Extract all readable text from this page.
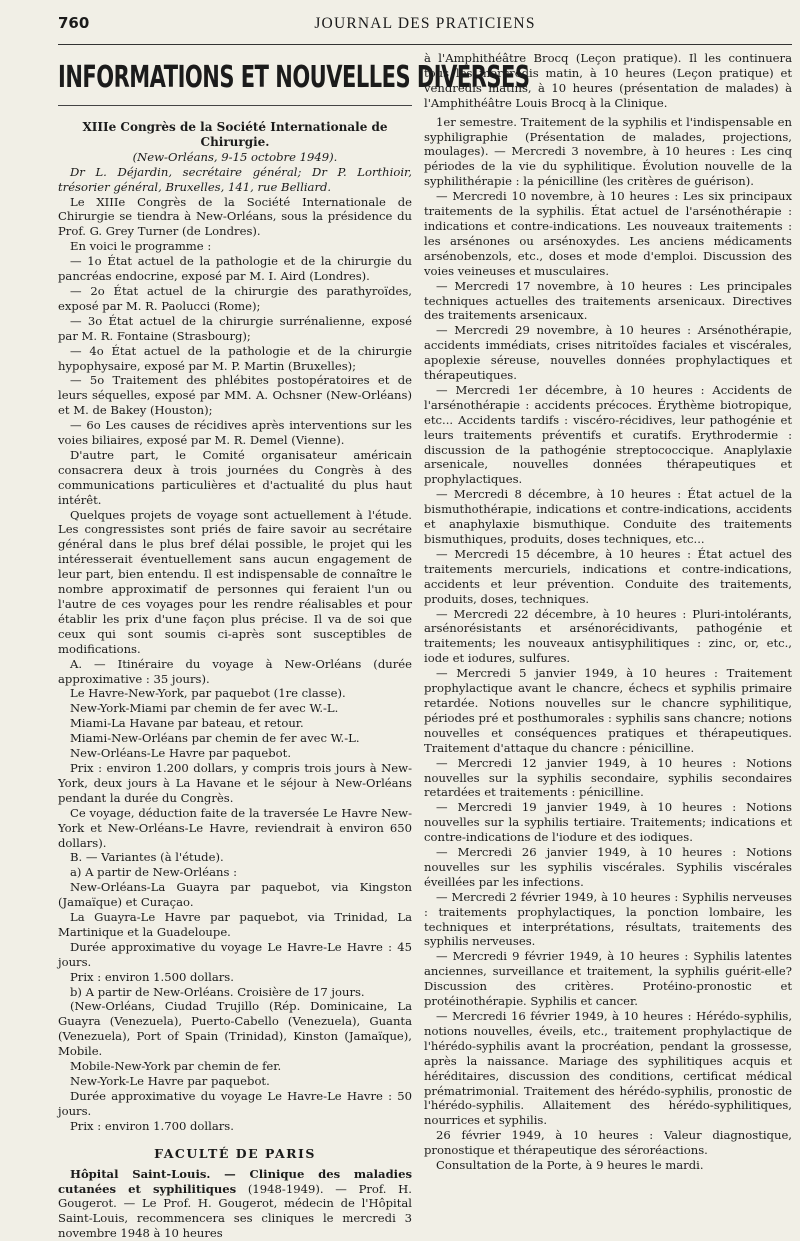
760	JOURNAL DES PRATICIENS
INFORMATIONS ET NOUVELLES DIVERSES

XIIIe Congrès de la Société Internationale de Chirurgie.

(New-Orléans, 9-15 octobre 1949).

Dr L. Déjardin, secrétaire général; Dr P. Lorthioir, trésorier général, Bruxelles, 141, rue Belliard.

Le XIIIe Congrès de la Société Internationale de Chirurgie se tiendra à New-Orléans, sous la présidence du Prof. G. Grey Turner (de Londres).

En voici le programme :

— 1o État actuel de la pathologie et de la chirurgie du pancréas endocrine, exposé par M. I. Aird (Londres).

— 2o État actuel de la chirurgie des parathyroïdes, exposé par M. R. Paolucci (Rome);

— 3o État actuel de la chirurgie surrénalienne, exposé par M. R. Fontaine (Strasbourg);

— 4o État actuel de la pathologie et de la chirurgie hypophysaire, exposé par M. P. Martin (Bruxelles);

— 5o Traitement des phlébites postopératoires et de leurs séquelles, exposé par MM. A. Ochsner (New-Orléans) et M. de Bakey (Houston);

— 6o Les causes de récidives après interventions sur les voies biliaires, exposé par M. R. Demel (Vienne).

D'autre part, le Comité organisateur américain consacrera deux à trois journées du Congrès à des communications particulières et d'actualité du plus haut intérêt.

Quelques projets de voyage sont actuellement à l'étude. Les congressistes sont priés de faire savoir au secrétaire général dans le plus bref délai possible, le projet qui les intéresserait éventuellement sans aucun engagement de leur part, bien entendu. Il est indispensable de connaître le nombre approximatif de personnes qui feraient l'un ou l'autre de ces voyages pour les rendre réalisables et pour établir les prix d'une façon plus précise. Il va de soi que ceux qui sont soumis ci-après sont susceptibles de modifications.

A. — Itinéraire du voyage à New-Orléans (durée approximative : 35 jours).

Le Havre-New-York, par paquebot (1re classe).

New-York-Miami par chemin de fer avec W.-L.

Miami-La Havane par bateau, et retour.

Miami-New-Orléans par chemin de fer avec W.-L.

New-Orléans-Le Havre par paquebot.

Prix : environ 1.200 dollars, y compris trois jours à New-York, deux jours à La Havane et le séjour à New-Orléans pendant la durée du Congrès.

Ce voyage, déduction faite de la traversée Le Havre New-York et New-Orléans-Le Havre, reviendrait à environ 650 dollars).

B. — Variantes (à l'étude).

a) A partir de New-Orléans :

New-Orléans-La Guayra par paquebot, via Kingston (Jamaïque) et Curaçao.

La Guayra-Le Havre par paquebot, via Trinidad, La Martinique et la Guadeloupe.

Durée approximative du voyage Le Havre-Le Havre : 45 jours.

Prix : environ 1.500 dollars.

b) A partir de New-Orléans. Croisière de 17 jours.

(New-Orléans, Ciudad Trujillo (Rép. Dominicaine, La Guayra (Venezuela), Puerto-Cabello (Venezuela), Guanta (Venezuela), Port of Spain (Trinidad), Kinston (Jamaïque), Mobile.

Mobile-New-York par chemin de fer.

New-York-Le Havre par paquebot.

Durée approximative du voyage Le Havre-Le Havre : 50 jours.

Prix : environ 1.700 dollars.

FACULTÉ DE PARIS

Hôpital Saint-Louis. — Clinique des maladies cutanées et syphilitiques (1948-1949). — Prof. H. Gougerot. — Le Prof. H. Gougerot, médecin de l'Hôpital Saint-Louis, recommencera ses cliniques le mercredi 3 novembre 1948 à 10 heures

à l'Amphithéâtre Brocq (Leçon pratique). Il les continuera tous les mercredis matin, à 10 heures (Leçon pratique) et vendredis matins, à 10 heures (présentation de malades) à l'Amphithéâtre Louis Brocq à la Clinique.

1er semestre. Traitement de la syphilis et l'indispensable en syphiligraphie (Présentation de malades, projections, moulages). — Mercredi 3 novembre, à 10 heures : Les cinq périodes de la vie du syphilitique. Évolution nouvelle de la syphilithérapie : la pénicilline (les critères de guérison).

— Mercredi 10 novembre, à 10 heures : Les six principaux traitements de la syphilis. État actuel de l'arsénothérapie : indications et contre-indications. Les nouveaux traitements : les arsénones ou arsénoxydes. Les anciens médicaments arsénobenzols, etc., doses et mode d'emploi. Discussion des voies veineuses et musculaires.

— Mercredi 17 novembre, à 10 heures : Les principales techniques actuelles des traitements arsenicaux. Directives des traitements arsenicaux.

— Mercredi 29 novembre, à 10 heures : Arsénothérapie, accidents immédiats, crises nitritoïdes faciales et viscérales, apoplexie séreuse, nouvelles données prophylactiques et thérapeutiques.

— Mercredi 1er décembre, à 10 heures : Accidents de l'arsénothérapie : accidents précoces. Érythème biotropique, etc... Accidents tardifs : viscéro-récidives, leur pathogénie et leurs traitements préventifs et curatifs. Erythrodermie : discussion de la pathogénie streptococcique. Anaplylaxie arsenicale, nouvelles données thérapeutiques et prophylactiques.

— Mercredi 8 décembre, à 10 heures : État actuel de la bismuthothérapie, indications et contre-indications, accidents et anaphylaxie bismuthique. Conduite des traitements bismuthiques, produits, doses techniques, etc...

— Mercredi 15 décembre, à 10 heures : État actuel des traitements mercuriels, indications et contre-indications, accidents et leur prévention. Conduite des traitements, produits, doses, techniques.

— Mercredi 22 décembre, à 10 heures : Pluri-intolérants, arsénorésistants et arsénorécidivants, pathogénie et traitements; les nouveaux antisyphilitiques : zinc, or, etc., iode et iodures, sulfures.

— Mercredi 5 janvier 1949, à 10 heures : Traitement prophylactique avant le chancre, échecs et syphilis primaire retardée. Notions nouvelles sur le chancre syphilitique, périodes pré et posthumorales : syphilis sans chancre; notions nouvelles et conséquences pratiques et thérapeutiques. Traitement d'attaque du chancre : pénicilline.

— Mercredi 12 janvier 1949, à 10 heures : Notions nouvelles sur la syphilis secondaire, syphilis secondaires retardées et traitements : pénicilline.

— Mercredi 19 janvier 1949, à 10 heures : Notions nouvelles sur la syphilis tertiaire. Traitements; indications et contre-indications de l'iodure et des iodiques.

— Mercredi 26 janvier 1949, à 10 heures : Notions nouvelles sur les syphilis viscérales. Syphilis viscérales éveillées par les infections.

— Mercredi 2 février 1949, à 10 heures : Syphilis nerveuses : traitements prophylactiques, la ponction lombaire, les techniques et interprétations, résultats, traitements des syphilis nerveuses.

— Mercredi 9 février 1949, à 10 heures : Syphilis latentes anciennes, surveillance et traitement, la syphilis guérit-elle? Discussion des critères. Protéino-pronostic et protéinothérapie. Syphilis et cancer.

— Mercredi 16 février 1949, à 10 heures : Hérédo-syphilis, notions nouvelles, éveils, etc., traitement prophylactique de l'hérédo-syphilis avant la procréation, pendant la grossesse, après la naissance. Mariage des syphilitiques acquis et héréditaires, discussion des conditions, certificat médical prématrimonial. Traitement des hérédo-syphilis, pronostic de l'hérédo-syphilis. Allaitement des hérédo-syphilitiques, nourrices et syphilis.

26 février 1949, à 10 heures : Valeur diagnostique, pronostique et thérapeutique des séroréactions.

Consultation de la Porte, à 9 heures le mardi.
